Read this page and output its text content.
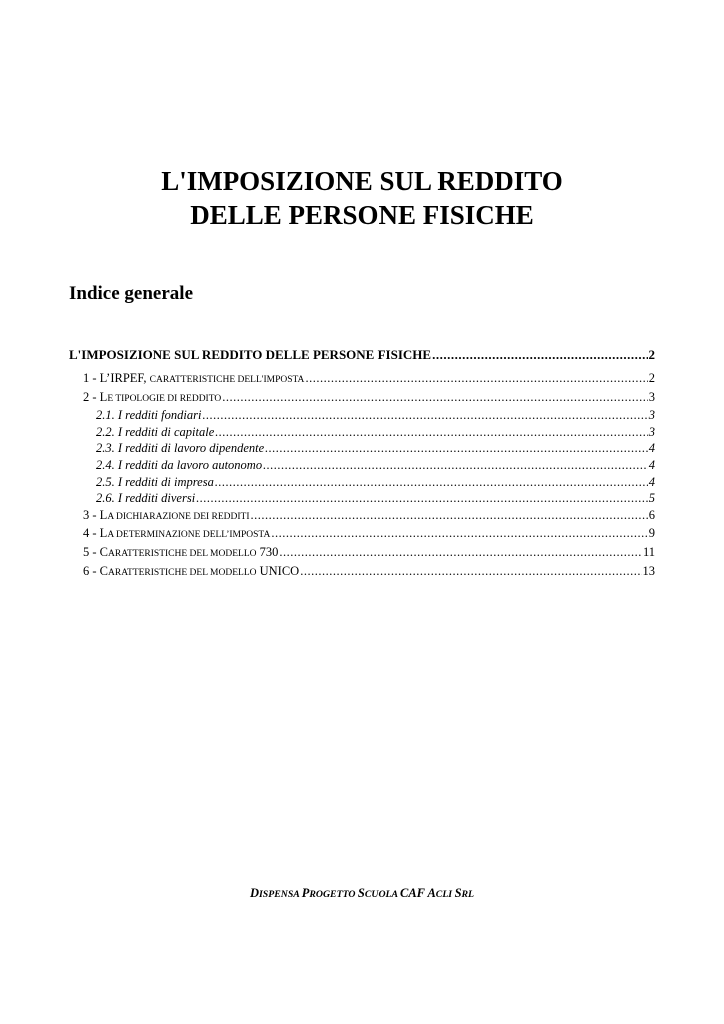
L'IMPOSIZIONE SUL REDDITO
DELLE PERSONE FISICHE
Indice generale
L'IMPOSIZIONE SUL REDDITO DELLE PERSONE FISICHE .....	2
1 - L’IRPEF, CARATTERISTICHE DELL'IMPOSTA .....	2
2 - LE TIPOLOGIE DI REDDITO .....	3
2.1. I redditi fondiari .....	3
2.2. I redditi di capitale .....	3
2.3. I redditi di lavoro dipendente .....	4
2.4. I redditi da lavoro autonomo .....	4
2.5. I redditi di impresa .....	4
2.6. I redditi diversi .....	5
3 - LA DICHIARAZIONE DEI REDDITI .....	6
4 - LA DETERMINAZIONE DELL’IMPOSTA .....	9
5 - CARATTERISTICHE DEL MODELLO 730 .....	11
6 - CARATTERISTICHE DEL MODELLO UNICO .....	13
DISPENSA PROGETTO SCUOLA CAF ACLI SRL
